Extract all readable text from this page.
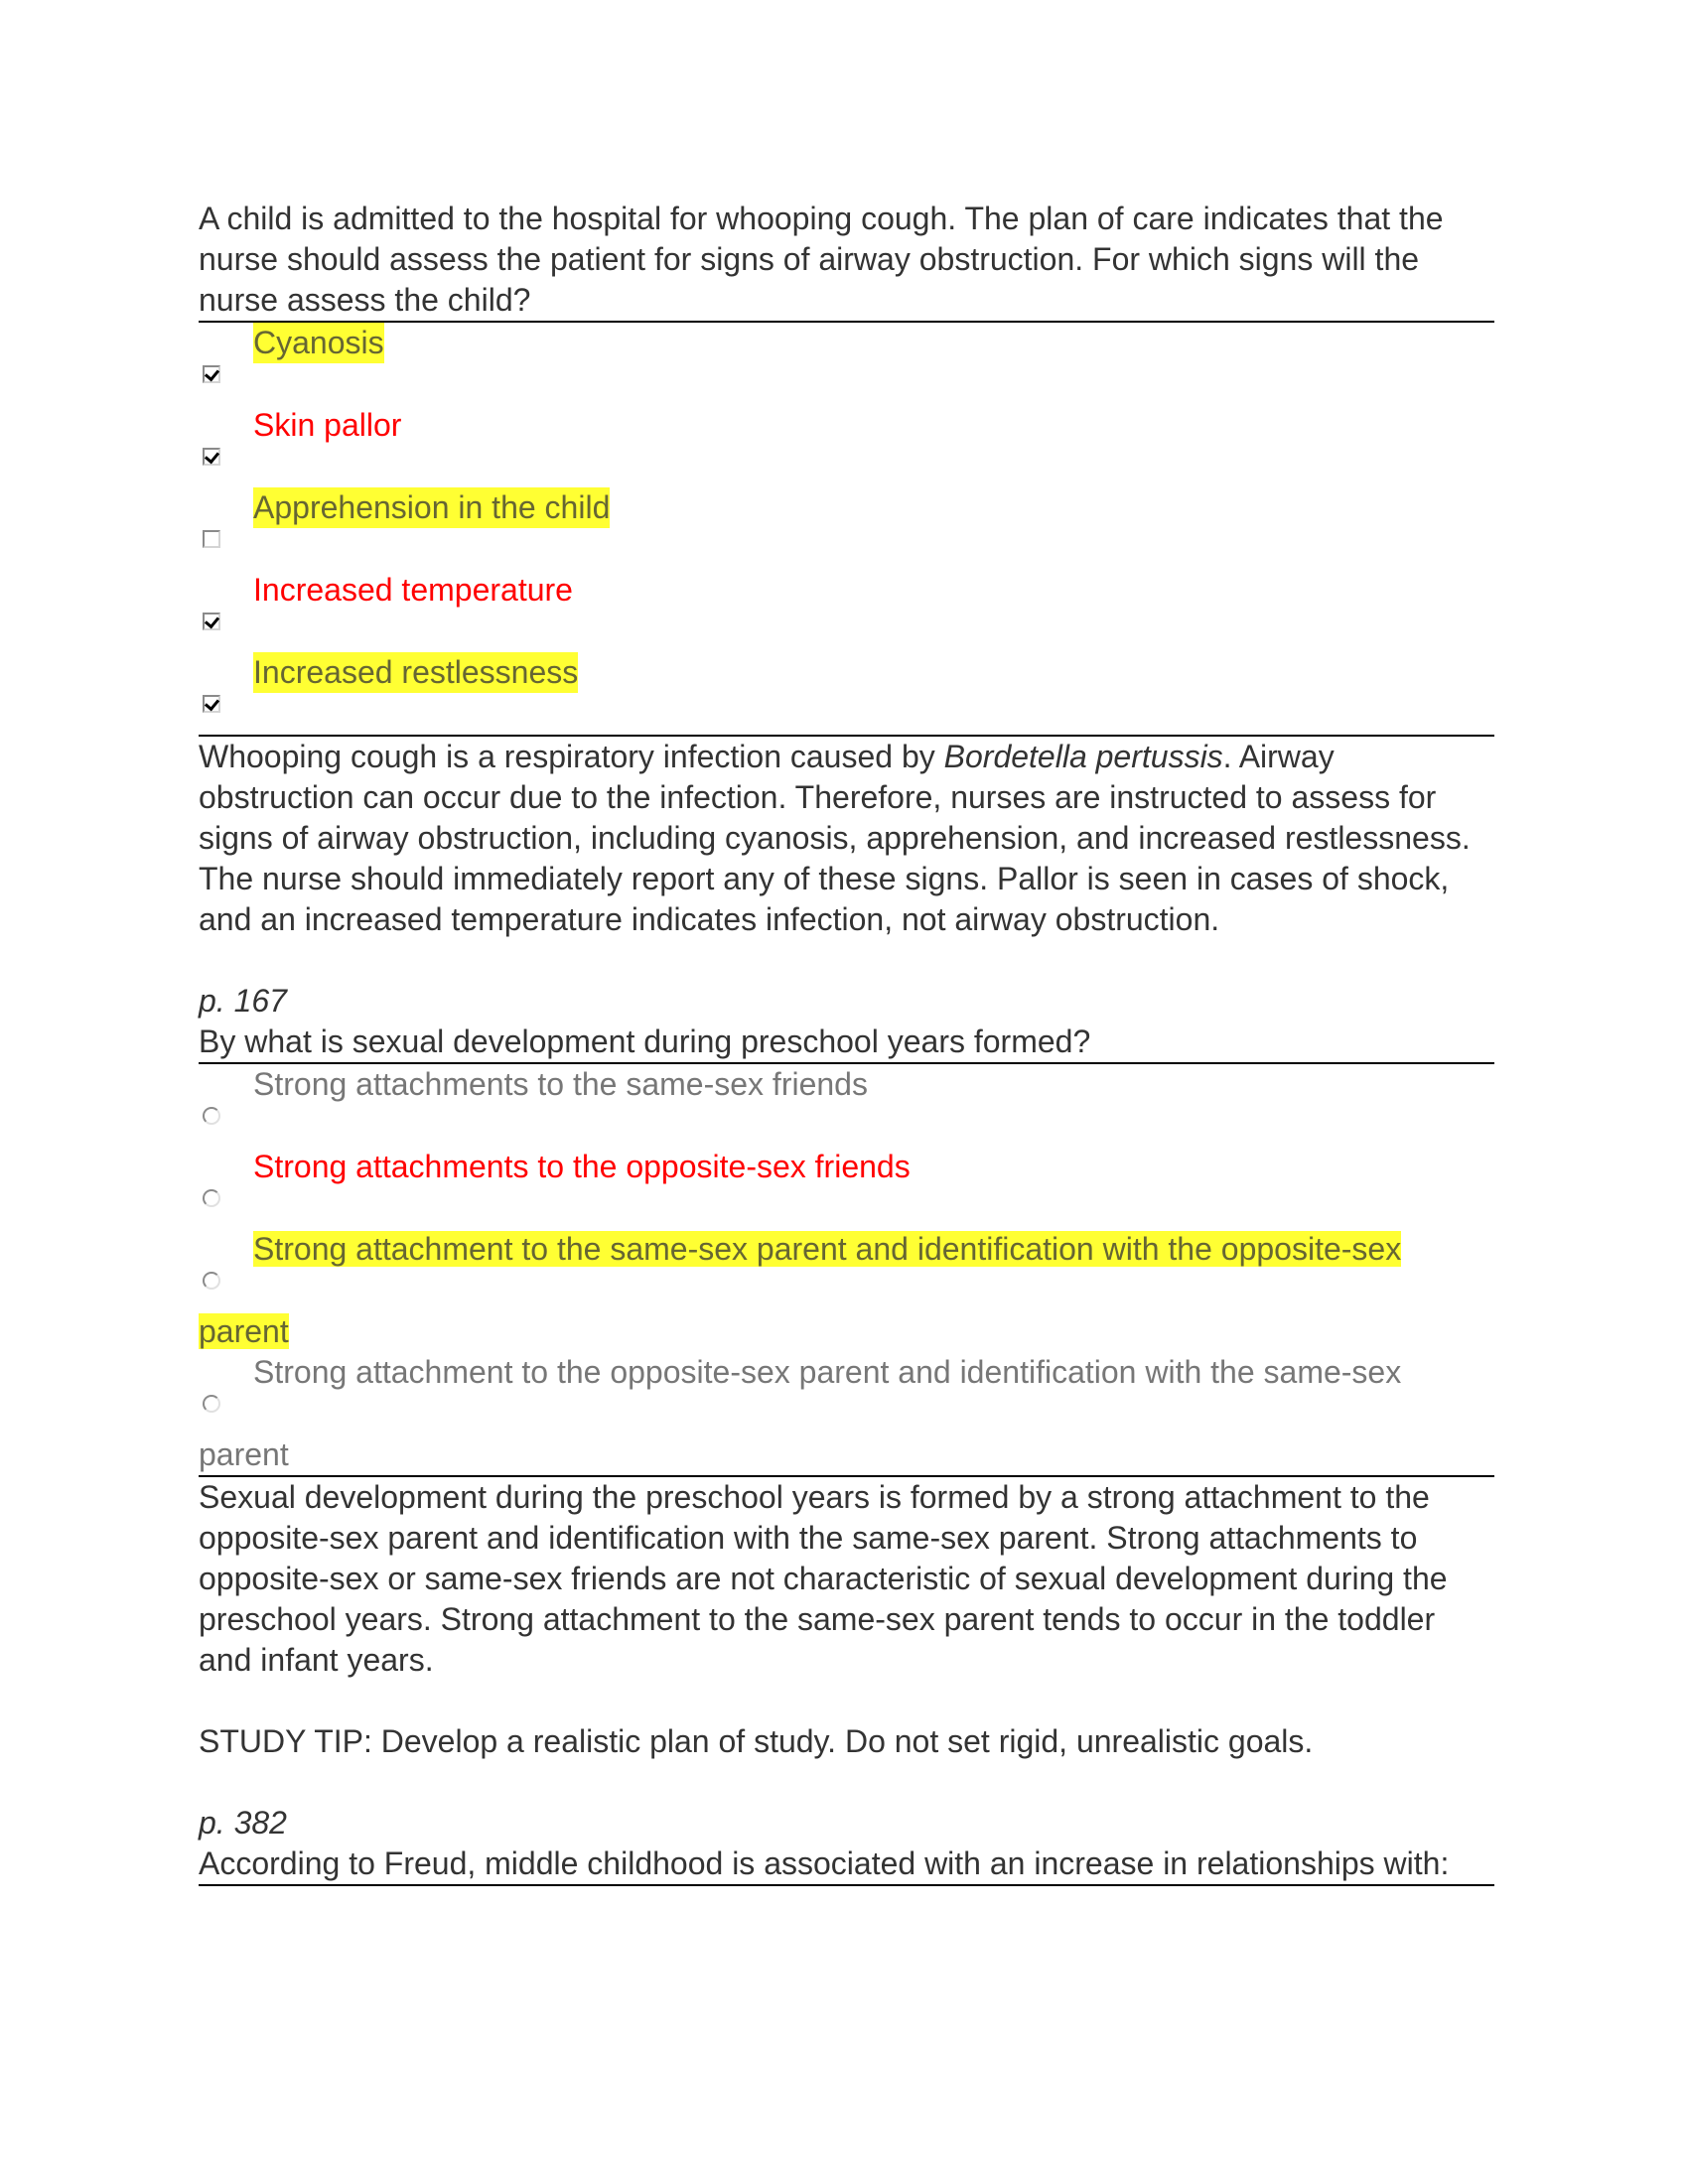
A child is admitted to the hospital for whooping cough. The plan of care indicates that the nurse should assess the patient for signs of airway obstruction. For which signs will the nurse assess the child?
Cyanosis
Skin pallor
Apprehension in the child
Increased temperature
Increased restlessness
Whooping cough is a respiratory infection caused by Bordetella pertussis. Airway obstruction can occur due to the infection. Therefore, nurses are instructed to assess for signs of airway obstruction, including cyanosis, apprehension, and increased restlessness. The nurse should immediately report any of these signs. Pallor is seen in cases of shock, and an increased temperature indicates infection, not airway obstruction.
p. 167
By what is sexual development during preschool years formed?
Strong attachments to the same-sex friends
Strong attachments to the opposite-sex friends
Strong attachment to the same-sex parent and identification with the opposite-sex
parent
Strong attachment to the opposite-sex parent and identification with the same-sex
parent
Sexual development during the preschool years is formed by a strong attachment to the opposite-sex parent and identification with the same-sex parent. Strong attachments to opposite-sex or same-sex friends are not characteristic of sexual development during the preschool years. Strong attachment to the same-sex parent tends to occur in the toddler and infant years.
STUDY TIP: Develop a realistic plan of study. Do not set rigid, unrealistic goals.
p. 382
According to Freud, middle childhood is associated with an increase in relationships with:
